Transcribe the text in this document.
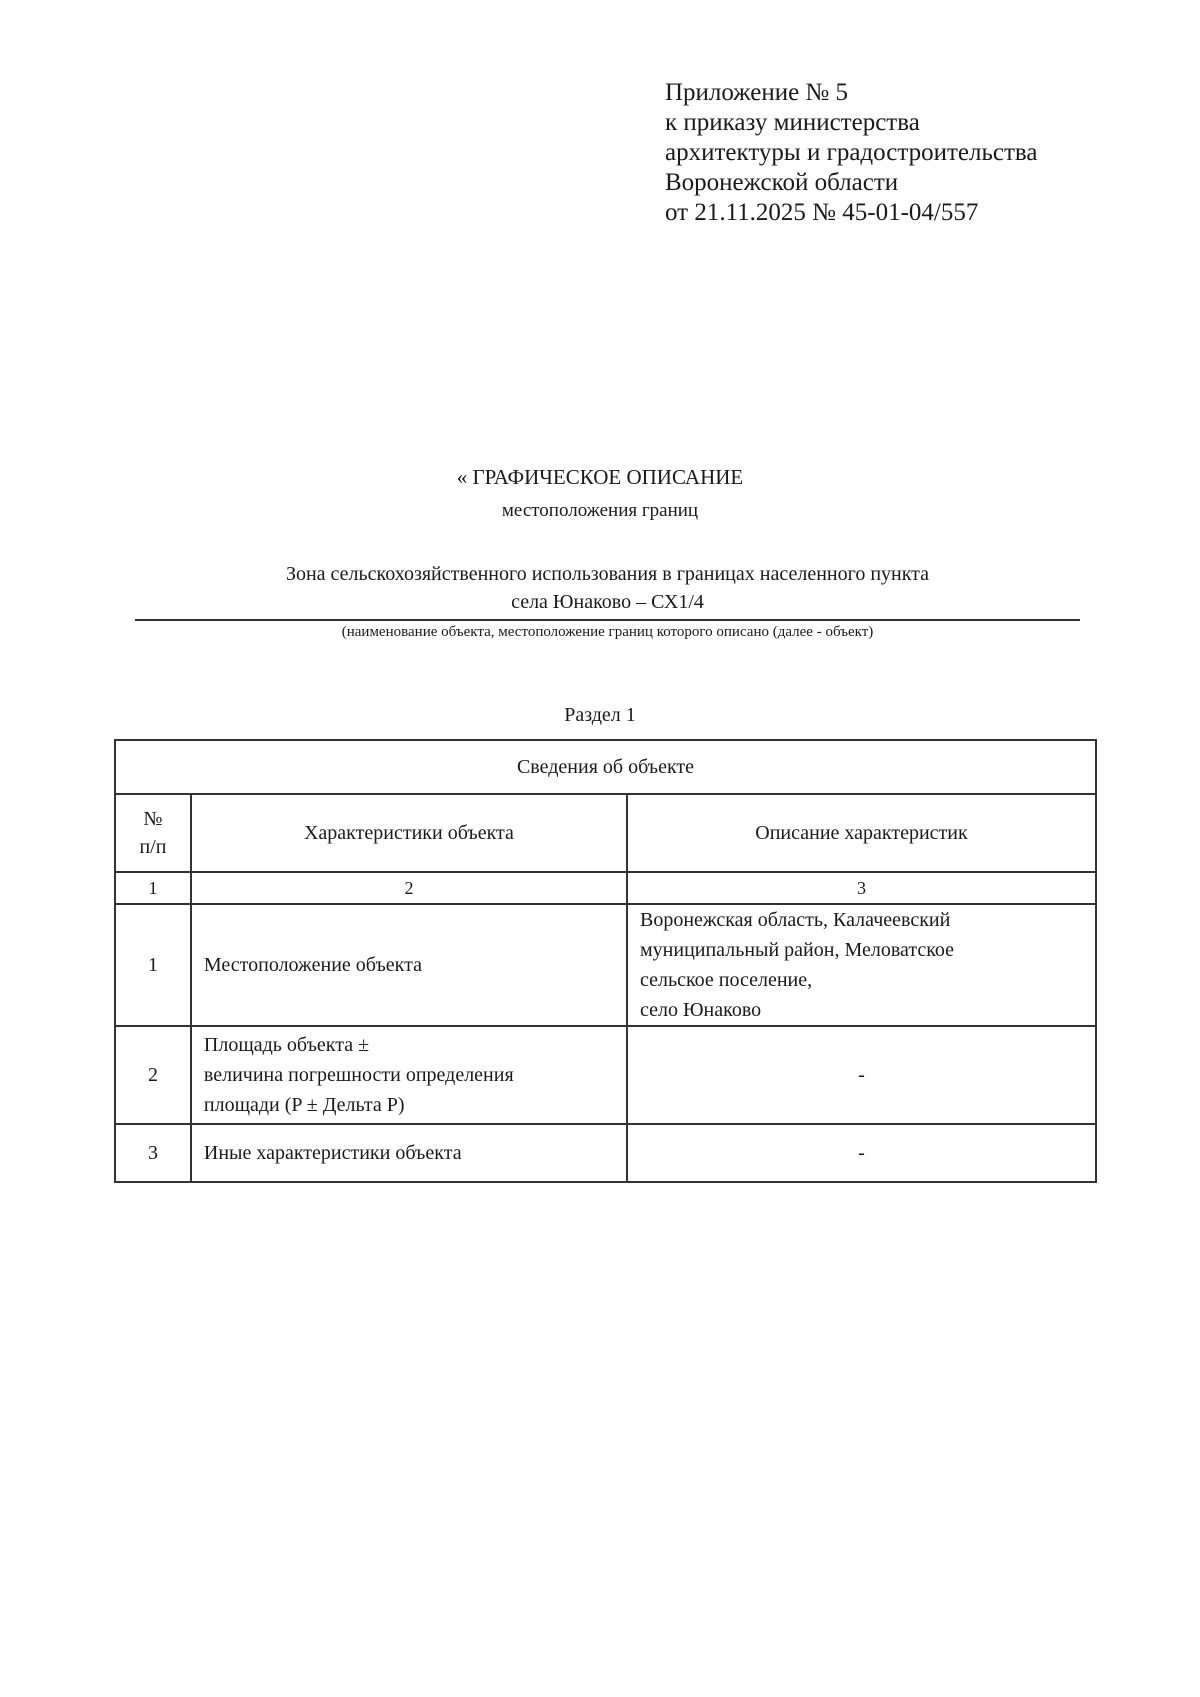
Приложение № 5
к приказу министерства
архитектуры и градостроительства
Воронежской области
от 21.11.2025 № 45-01-04/557
« ГРАФИЧЕСКОЕ ОПИСАНИЕ
местоположения границ
Зона сельскохозяйственного использования в границах населенного пункта
села Юнаково – СХ1/4
(наименование объекта, местоположение границ которого описано (далее - объект)
Раздел 1
Сведения об объекте		

№
п/п	Характеристики объекта	Описание характеристик
1	2	3
1	Местоположение объекта	Воронежская область, Калачеевский
муниципальный район, Меловатское
сельское поселение,
село Юнаково

2	Площадь объекта ±
величина погрешности определения
площади (P ± Дельта P)	-
3	Иные характеристики объекта	-
